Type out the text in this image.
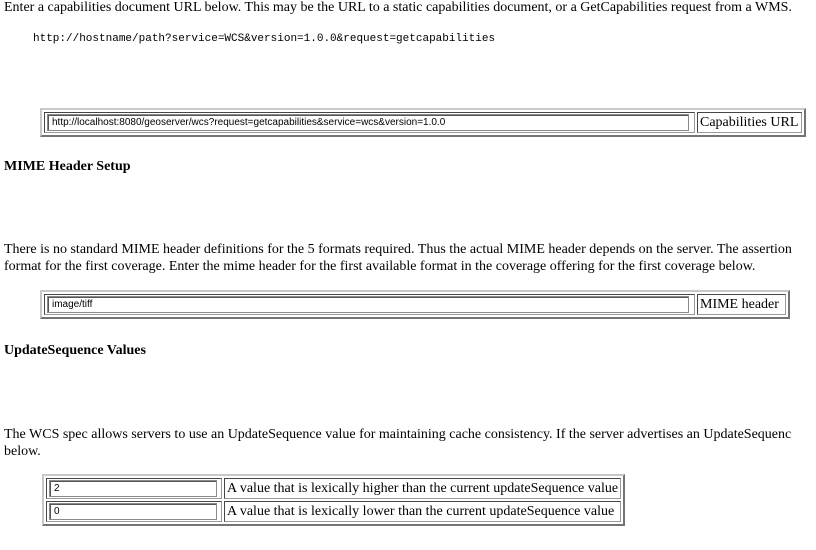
Enter a capabilities document URL below. This may be the URL to a static capabilities document, or a GetCapabilities request from a WMS.
http://hostname/path?service=WCS&version=1.0.0&request=getcapabilities
http://localhost:8080/geoserver/wcs?request=getcapabilities&service=wcs&version=1.0.0	Capabilities URL
MIME Header Setup
There is no standard MIME header definitions for the 5 formats required. Thus the actual MIME header depends on the server. The assertion
format for the first coverage. Enter the mime header for the first available format in the coverage offering for the first coverage below.
image/tiff	MIME header
UpdateSequence Values
The WCS spec allows servers to use an UpdateSequence value for maintaining cache consistency. If the server advertises an UpdateSequenc
below.
2	A value that is lexically higher than the current updateSequence value
0	A value that is lexically lower than the current updateSequence value
